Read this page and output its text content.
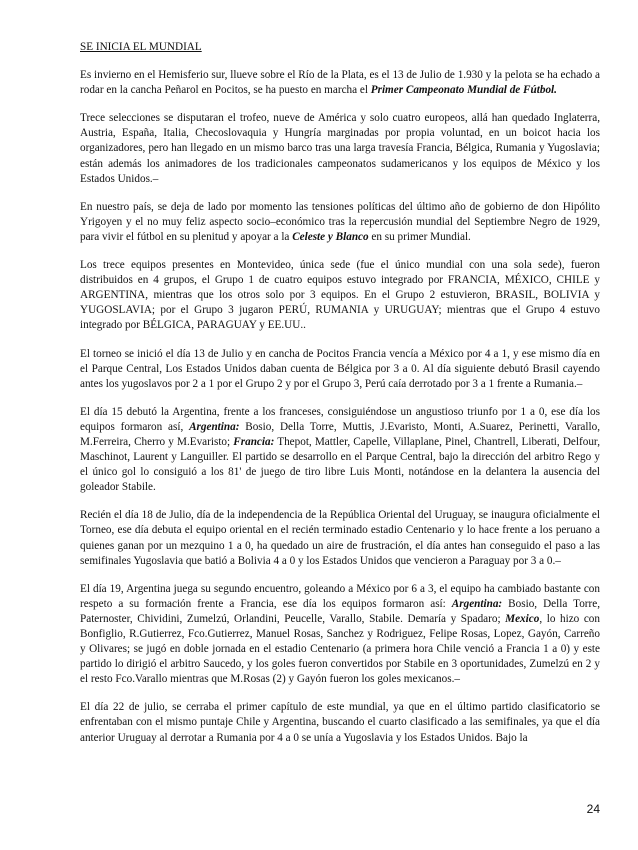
SE INICIA EL MUNDIAL

Es invierno en el Hemisferio sur, llueve sobre el Río de la Plata, es el 13 de Julio de 1.930 y la pelota se ha echado a rodar en la cancha Peñarol en Pocitos, se ha puesto en marcha el Primer Campeonato Mundial de Fútbol.

Trece selecciones se disputaran el trofeo, nueve de América y solo cuatro europeos, allá han quedado Inglaterra, Austria, España, Italia, Checoslovaquia y Hungría marginadas por propia voluntad, en un boicot hacia los organizadores, pero han llegado en un mismo barco tras una larga travesía Francia, Bélgica, Rumania y Yugoslavia; están además los animadores de los tradicionales campeonatos sudamericanos y los equipos de México y los Estados Unidos.–

En nuestro país, se deja de lado por momento las tensiones políticas del último año de gobierno de don Hipólito Yrigoyen y el no muy feliz aspecto socio–económico tras la repercusión mundial del Septiembre Negro de 1929, para vivir el fútbol en su plenitud y apoyar a la Celeste y Blanco en su primer Mundial.

Los trece equipos presentes en Montevideo, única sede (fue el único mundial con una sola sede), fueron distribuidos en 4 grupos, el Grupo 1 de cuatro equipos estuvo integrado por FRANCIA, MÉXICO, CHILE y ARGENTINA, mientras que los otros solo por 3 equipos. En el Grupo 2 estuvieron, BRASIL, BOLIVIA y YUGOSLAVIA; por el Grupo 3 jugaron PERÚ, RUMANIA y URUGUAY; mientras que el Grupo 4 estuvo integrado por BÉLGICA, PARAGUAY y EE.UU..

El torneo se inició el día 13 de Julio y en cancha de Pocitos Francia vencía a México por 4 a 1, y ese mismo día en el Parque Central, Los Estados Unidos daban cuenta de Bélgica por 3 a 0. Al día siguiente debutó Brasil cayendo antes los yugoslavos por 2 a 1 por el Grupo 2 y por el Grupo 3, Perú caía derrotado por 3 a 1 frente a Rumania.–

El día 15 debutó la Argentina, frente a los franceses, consiguiéndose un angustioso triunfo por 1 a 0, ese día los equipos formaron así, Argentina: Bosio, Della Torre, Muttis, J.Evaristo, Monti, A.Suarez, Perinetti, Varallo, M.Ferreira, Cherro y M.Evaristo; Francia: Thepot, Mattler, Capelle, Villaplane, Pinel, Chantrell, Liberati, Delfour, Maschinot, Laurent y Languiller. El partido se desarrollo en el Parque Central, bajo la dirección del arbitro Rego y el único gol lo consiguió a los 81' de juego de tiro libre Luis Monti, notándose en la delantera la ausencia del goleador Stabile.

Recién el día 18 de Julio, día de la independencia de la República Oriental del Uruguay, se inaugura oficialmente el Torneo, ese día debuta el equipo oriental en el recién terminado estadio Centenario y lo hace frente a los peruano a quienes ganan por un mezquino 1 a 0, ha quedado un aire de frustración, el día antes han conseguido el paso a las semifinales Yugoslavia que batió a Bolivia 4 a 0 y los Estados Unidos que vencieron a Paraguay por 3 a 0.–

El día 19, Argentina juega su segundo encuentro, goleando a México por 6 a 3, el equipo ha cambiado bastante con respeto a su formación frente a Francia, ese día los equipos formaron así: Argentina: Bosio, Della Torre, Paternoster, Chividini, Zumelzú, Orlandini, Peucelle, Varallo, Stabile. Demaría y Spadaro; Mexico, lo hizo con Bonfiglio, R.Gutierrez, Fco.Gutierrez, Manuel Rosas, Sanchez y Rodriguez, Felipe Rosas, Lopez, Gayón, Carreño y Olivares; se jugó en doble jornada en el estadio Centenario (a primera hora Chile venció a Francia 1 a 0) y este partido lo dirigió el arbitro Saucedo, y los goles fueron convertidos por Stabile en 3 oportunidades, Zumelzú en 2 y el resto Fco.Varallo mientras que M.Rosas (2) y Gayón fueron los goles mexicanos.–

El día 22 de julio, se cerraba el primer capítulo de este mundial, ya que en el último partido clasificatorio se enfrentaban con el mismo puntaje Chile y Argentina, buscando el cuarto clasificado a las semifinales, ya que el día anterior Uruguay al derrotar a Rumania por 4 a 0 se unía a Yugoslavia y los Estados Unidos. Bajo la

24
